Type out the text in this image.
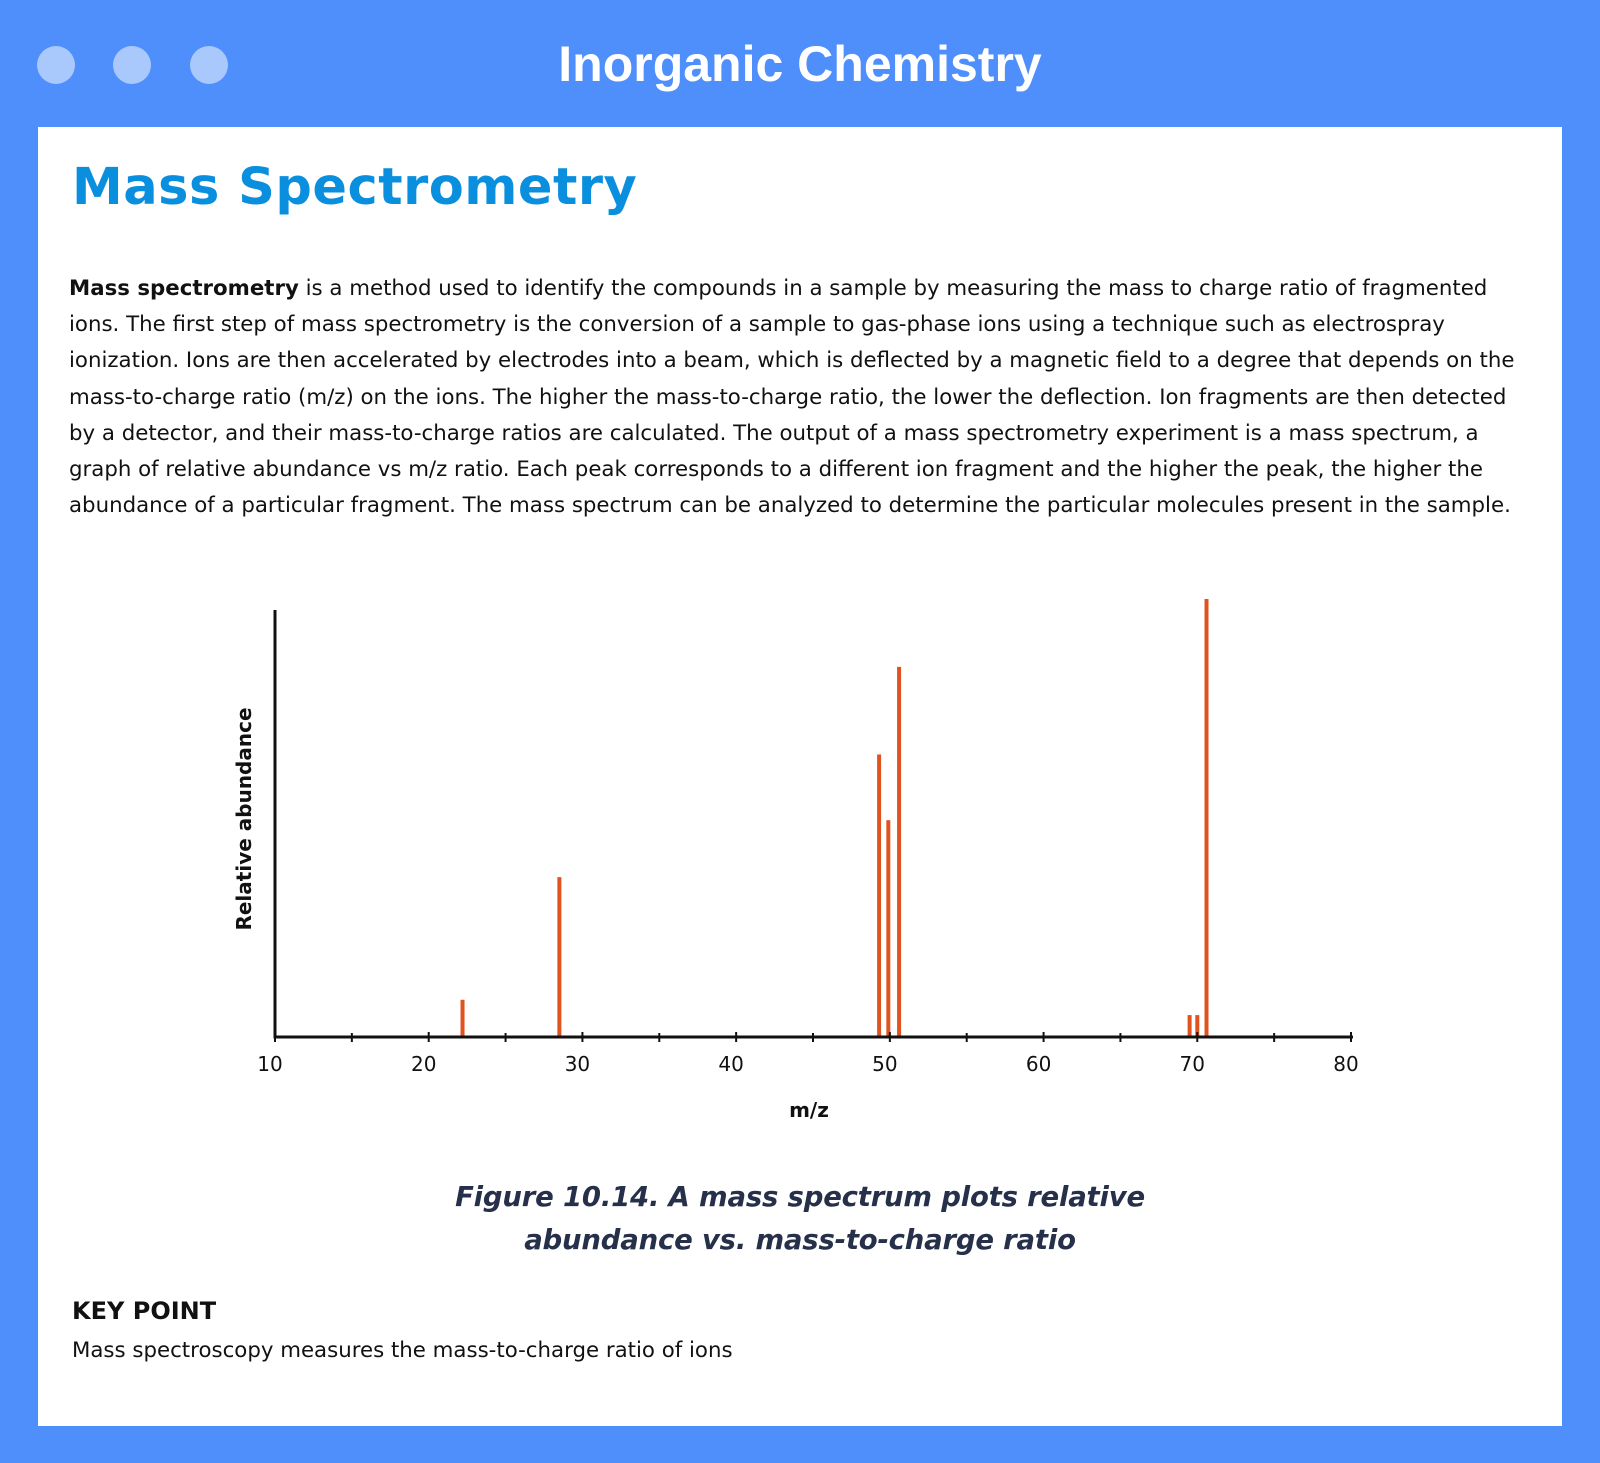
Inorganic Chemistry
Mass Spectrometry

Mass spectrometry is a method used to identify the compounds in a sample by measuring the mass to charge ratio of fragmented ions. The first step of mass spectrometry is the conversion of a sample to gas-phase ions using a technique such as electrospray ionization. Ions are then accelerated by electrodes into a beam, which is deflected by a magnetic field to a degree that depends on the mass-to-charge ratio (m/z) on the ions. The higher the mass-to-charge ratio, the lower the deflection. Ion fragments are then detected by a detector, and their mass-to-charge ratios are calculated. The output of a mass spectrometry experiment is a mass spectrum, a graph of relative abundance vs m/z ratio. Each peak corresponds to a different ion fragment and the higher the peak, the higher the abundance of a particular fragment. The mass spectrum can be analyzed to determine the particular molecules present in the sample.

10	20	30	40	50	60	70	80
m/z
Relative abundance
Figure 10.14. A mass spectrum plots relative
abundance vs. mass-to-charge ratio
KEY POINT

Mass spectroscopy measures the mass-to-charge ratio of ions
